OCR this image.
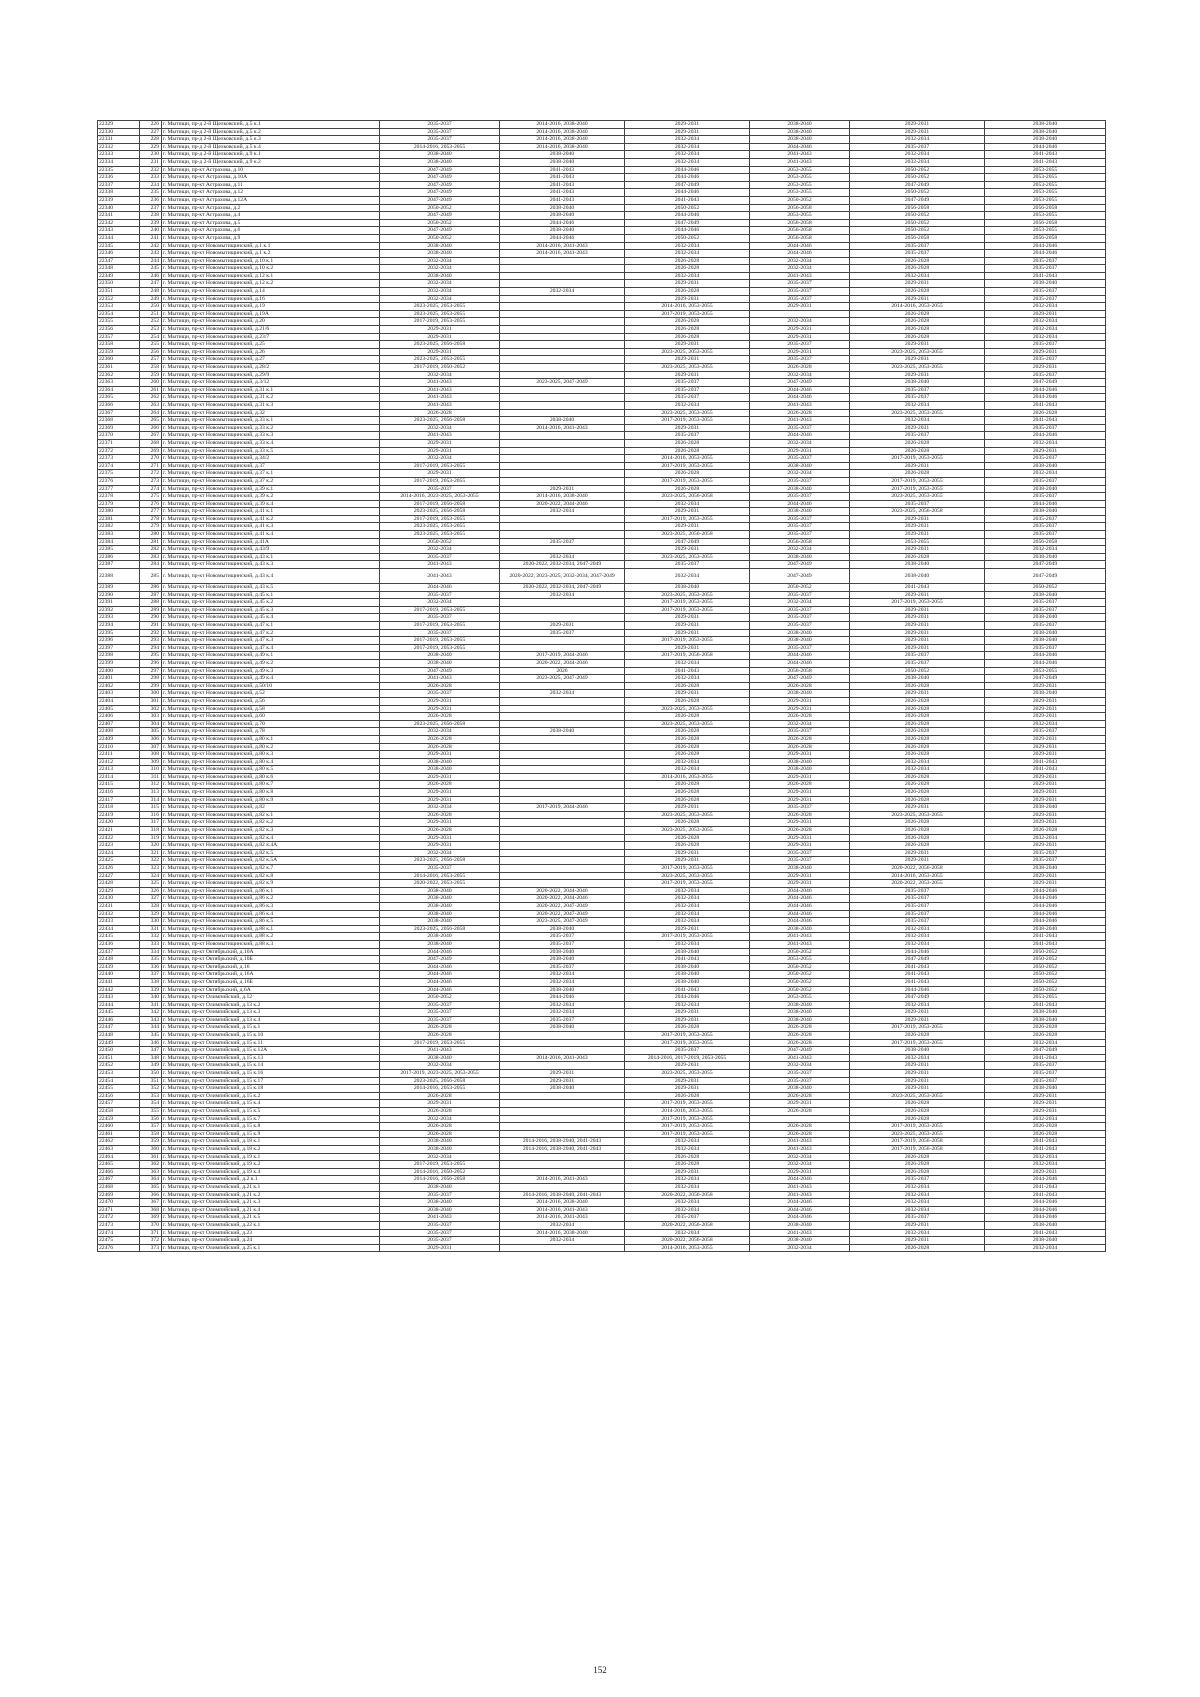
22329	226	г. Мытищи, пр-д 2-й Щелковский, д.5 к.1	2035-2037	2014-2016, 2038-2040	2029-2031	2038-2040	2029-2031	2038-2040
22330	227	г. Мытищи, пр-д 2-й Щелковский, д.5 к.2	2035-2037	2014-2016, 2038-2040	2029-2031	2038-2040	2029-2031	2038-2040
22331	228	г. Мытищи, пр-д 2-й Щелковский, д.5 к.3	2035-2037	2014-2016, 2038-2040	2032-2034	2038-2040	2032-2034	2038-2040
22332	229	г. Мытищи, пр-д 2-й Щелковский, д.5 к.4	2014-2016, 2053-2055	2014-2016, 2038-2040	2032-2034	2044-2046	2035-2037	2044-2046
22333	230	г. Мытищи, пр-д 2-й Щелковский, д.9 к.1	2038-2040	2038-2040	2032-2034	2041-2043	2032-2034	2041-2043
22334	231	г. Мытищи, пр-д 2-й Щелковский, д.9 к.2	2038-2040	2038-2040	2032-2034	2041-2043	2032-2034	2041-2043
22335	232	г. Мытищи, пр-кт Астрахова, д.10	2047-2049	2041-2043	2044-2046	2053-2055	2050-2052	2053-2055
22336	233	г. Мытищи, пр-кт Астрахова, д.10А	2047-2049	2041-2043	2044-2046	2053-2055	2050-2052	2053-2055
22337	234	г. Мытищи, пр-кт Астрахова, д.11	2047-2049	2041-2043	2047-2049	2053-2055	2047-2049	2053-2055
22338	235	г. Мытищи, пр-кт Астрахова, д.12	2047-2049	2041-2043	2044-2046	2053-2055	2050-2052	2053-2055
22339	236	г. Мытищи, пр-кт Астрахова, д.12А	2047-2049	2041-2043	2041-2043	2050-2052	2047-2049	2053-2055
22340	237	г. Мытищи, пр-кт Астрахова, д.2	2050-2052	2038-2040	2050-2052	2056-2058	2056-2058	2056-2058
22341	238	г. Мытищи, пр-кт Астрахова, д.4	2047-2049	2038-2040	2044-2046	2053-2055	2050-2052	2053-2055
22342	239	г. Мытищи, пр-кт Астрахова, д.5	2050-2052	2044-2046	2047-2049	2056-2058	2050-2052	2056-2058
22343	240	г. Мытищи, пр-кт Астрахова, д.6	2047-2049	2038-2040	2044-2046	2056-2058	2050-2052	2053-2055
22344	241	г. Мытищи, пр-кт Астрахова, д.9	2050-2052	2044-2046	2050-2052	2056-2058	2056-2058	2056-2058
22345	242	г. Мытищи, пр-кт Новомытищинский, д.1 к.1	2038-2040	2014-2016, 2041-2043	2032-2034	2044-2046	2035-2037	2044-2046
22346	243	г. Мытищи, пр-кт Новомытищинский, д.1 к.2	2038-2040	2014-2016, 2041-2043	2032-2034	2044-2046	2035-2037	2044-2046
22347	244	г. Мытищи, пр-кт Новомытищинский, д.10 к.1	2032-2034		2026-2028	2032-2034	2026-2028	2035-2037
22348	245	г. Мытищи, пр-кт Новомытищинский, д.10 к.2	2032-2034		2026-2028	2032-2034	2026-2028	2035-2037
22349	246	г. Мытищи, пр-кт Новомытищинский, д.12 к.1	2038-2040		2032-2034	2041-2043	2032-2034	2041-2043
22350	247	г. Мытищи, пр-кт Новомытищинский, д.12 к.2	2032-2034		2029-2031	2035-2037	2029-2031	2038-2040
22351	248	г. Мытищи, пр-кт Новомытищинский, д.14	2032-2034	2032-2034	2026-2028	2035-2037	2026-2028	2035-2037
22352	249	г. Мытищи, пр-кт Новомытищинский, д.16	2032-2034		2029-2031	2035-2037	2029-2031	2035-2037
22353	250	г. Мытищи, пр-кт Новомытищинский, д.19	2023-2025, 2053-2055		2014-2016, 2053-2055	2029-2031	2014-2016, 2053-2055	2032-2034
22354	251	г. Мытищи, пр-кт Новомытищинский, д.19А	2023-2025, 2053-2055		2017-2019, 2053-2055		2026-2028	2029-2031
22355	252	г. Мытищи, пр-кт Новомытищинский, д.20	2017-2019, 2053-2055		2026-2028	2032-2034	2026-2028	2032-2034
22356	253	г. Мытищи, пр-кт Новомытищинский, д.21/6	2029-2031		2026-2028	2029-2031	2026-2028	2032-2034
22357	254	г. Мытищи, пр-кт Новомытищинский, д.23/7	2029-2031		2026-2028	2029-2031	2026-2028	2032-2034
22358	255	г. Мытищи, пр-кт Новомытищинский, д.25	2023-2025, 2056-2058		2029-2031	2035-2037	2029-2031	2035-2037
22359	256	г. Мытищи, пр-кт Новомытищинский, д.26	2029-2031		2023-2025, 2053-2055	2029-2031	2023-2025, 2053-2055	2029-2031
22360	257	г. Мытищи, пр-кт Новомытищинский, д.27	2023-2025, 2053-2055		2029-2031	2035-2037	2029-2031	2035-2037
22361	258	г. Мытищи, пр-кт Новомытищинский, д.28/2	2017-2019, 2050-2052		2023-2025, 2053-2055	2026-2028	2023-2025, 2053-2055	2029-2031
22362	259	г. Мытищи, пр-кт Новомытищинский, д.29/9	2032-2034		2029-2031	2032-2034	2029-2031	2035-2037
22363	260	г. Мытищи, пр-кт Новомытищинский, д.3/12	2041-2043	2023-2025, 2047-2049	2035-2037	2047-2049	2038-2040	2047-2049
22364	261	г. Мытищи, пр-кт Новомытищинский, д.31 к.1	2041-2043		2035-2037	2044-2046	2035-2037	2044-2046
22365	262	г. Мытищи, пр-кт Новомытищинский, д.31 к.2	2041-2043		2035-2037	2044-2046	2035-2037	2044-2046
22366	263	г. Мытищи, пр-кт Новомытищинский, д.31 к.3	2041-2043		2032-2034	2041-2043	2032-2034	2041-2043
22367	264	г. Мытищи, пр-кт Новомытищинский, д.32	2026-2028		2023-2025, 2053-2055	2026-2028	2023-2025, 2053-2055	2026-2028
22368	265	г. Мытищи, пр-кт Новомытищинский, д.33 к.1	2023-2025, 2056-2058	2038-2040	2017-2019, 2053-2055	2041-2043	2032-2034	2041-2043
22369	266	г. Мытищи, пр-кт Новомытищинский, д.33 к.2	2032-2034	2014-2016, 2041-2043	2029-2031	2035-2037	2029-2031	2035-2037
22370	267	г. Мытищи, пр-кт Новомытищинский, д.33 к.3	2041-2043		2035-2037	2044-2046	2035-2037	2044-2046
22371	268	г. Мытищи, пр-кт Новомытищинский, д.33 к.4	2029-2031		2026-2028	2032-2034	2026-2028	2032-2034
22372	269	г. Мытищи, пр-кт Новомытищинский, д.33 к.5	2029-2031		2026-2028	2029-2031	2026-2028	2029-2031
22373	270	г. Мытищи, пр-кт Новомытищинский, д.34/2	2032-2034		2014-2016, 2053-2055	2035-2037	2017-2019, 2053-2055	2035-2037
22374	271	г. Мытищи, пр-кт Новомытищинский, д.37	2017-2019, 2053-2055		2017-2019, 2053-2055	2038-2040	2029-2031	2038-2040
22375	272	г. Мытищи, пр-кт Новомытищинский, д.37 к.1	2029-2031		2026-2028	2032-2034	2026-2028	2032-2034
22376	273	г. Мытищи, пр-кт Новомытищинский, д.37 к.2	2017-2019, 2053-2055		2017-2019, 2053-2055	2035-2037	2017-2019, 2053-2055	2035-2037
22377	274	г. Мытищи, пр-кт Новомытищинский, д.39 к.1	2035-2037	2029-2031	2026-2028	2038-2040	2017-2019, 2053-2055	2038-2040
22378	275	г. Мытищи, пр-кт Новомытищинский, д.39 к.2	2014-2016, 2023-2025, 2053-2055	2014-2016, 2038-2040	2023-2025, 2056-2058	2035-2037	2023-2025, 2053-2055	2035-2037
22379	276	г. Мытищи, пр-кт Новомытищинский, д.39 к.4	2017-2019, 2056-2058	2020-2022, 2044-2046	2032-2034	2044-2046	2035-2037	2044-2046
22380	277	г. Мытищи, пр-кт Новомытищинский, д.41 к.1	2023-2025, 2056-2058	2032-2034	2029-2031	2038-2040	2023-2025, 2056-2058	2038-2040
22381	278	г. Мытищи, пр-кт Новомытищинский, д.41 к.2	2017-2019, 2053-2055		2017-2019, 2053-2055	2035-2037	2029-2031	2035-2037
22382	279	г. Мытищи, пр-кт Новомытищинский, д.41 к.3	2023-2025, 2053-2055		2029-2031	2035-2037	2029-2031	2035-2037
22383	280	г. Мытищи, пр-кт Новомытищинский, д.41 к.4	2023-2025, 2053-2055		2023-2025, 2056-2058	2035-2037	2029-2031	2035-2037
22384	281	г. Мытищи, пр-кт Новомытищинский, д.41А	2050-2052	2035-2037	2047-2049	2056-2058	2053-2055	2056-2058
22385	282	г. Мытищи, пр-кт Новомытищинский, д.43/9	2032-2034		2029-2031	2032-2034	2029-2031	2032-2034
22386	283	г. Мытищи, пр-кт Новомытищинский, д.43 к.1	2035-2037	2032-2034	2023-2025, 2053-2055	2038-2040	2026-2028	2038-2040
22387	284	г. Мытищи, пр-кт Новомытищинский, д.43 к.3	2041-2043	2020-2022, 2032-2034, 2047-2049	2035-2037	2047-2049	2038-2040	2047-2049
22388	285	г. Мытищи, пр-кт Новомытищинский, д.43 к.4	2041-2043	2020-2022, 2023-2025, 2032-2034, 2047-2049	2032-2034	2047-2049	2038-2040	2047-2049
22389	286	г. Мытищи, пр-кт Новомытищинский, д.43 к.5	2044-2046	2020-2022, 2032-2034, 2047-2049	2038-2040	2050-2052	2041-2043	2050-2052
22390	287	г. Мытищи, пр-кт Новомытищинский, д.45 к.1	2035-2037	2032-2034	2023-2025, 2053-2055	2035-2037	2029-2031	2038-2040
22391	288	г. Мытищи, пр-кт Новомытищинский, д.45 к.2	2032-2034		2017-2019, 2053-2055	2032-2034	2017-2019, 2053-2055	2035-2037
22392	289	г. Мытищи, пр-кт Новомытищинский, д.45 к.3	2017-2019, 2053-2055		2017-2019, 2053-2055	2035-2037	2029-2031	2035-2037
22393	290	г. Мытищи, пр-кт Новомытищинский, д.45 к.4	2035-2037		2029-2031	2035-2037	2029-2031	2038-2040
22394	291	г. Мытищи, пр-кт Новомытищинский, д.47 к.1	2017-2019, 2053-2055	2029-2031	2029-2031	2035-2037	2029-2031	2035-2037
22395	292	г. Мытищи, пр-кт Новомытищинский, д.47 к.2	2035-2037	2035-2037	2029-2031	2038-2040	2029-2031	2038-2040
22396	293	г. Мытищи, пр-кт Новомытищинский, д.47 к.3	2017-2019, 2053-2055		2017-2019, 2053-2055	2038-2040	2029-2031	2038-2040
22397	294	г. Мытищи, пр-кт Новомытищинский, д.47 к.4	2017-2019, 2053-2055		2029-2031	2035-2037	2029-2031	2035-2037
22398	295	г. Мытищи, пр-кт Новомытищинский, д.49 к.1	2038-2040	2017-2019, 2044-2046	2017-2019, 2056-2058	2044-2046	2035-2037	2044-2046
22399	296	г. Мытищи, пр-кт Новомытищинский, д.49 к.2	2038-2040	2020-2022, 2044-2046	2032-2034	2044-2046	2035-2037	2044-2046
22400	297	г. Мытищи, пр-кт Новомытищинский, д.49 к.3	2047-2049	2026	2041-2043	2056-2058	2050-2052	2053-2055
22401	298	г. Мытищи, пр-кт Новомытищинский, д.49 к.4	2041-2043	2023-2025, 2047-2049	2032-2034	2047-2049	2038-2040	2047-2049
22402	299	г. Мытищи, пр-кт Новомытищинский, д.50/10	2026-2028		2026-2028	2026-2028	2026-2028	2029-2031
22403	300	г. Мытищи, пр-кт Новомытищинский, д.52	2035-2037	2032-2034	2029-2031	2038-2040	2029-2031	2038-2040
22404	301	г. Мытищи, пр-кт Новомытищинский, д.56	2029-2031		2026-2028	2029-2031	2026-2028	2029-2031
22405	302	г. Мытищи, пр-кт Новомытищинский, д.58	2029-2031		2023-2025, 2053-2055	2029-2031	2026-2028	2029-2031
22406	303	г. Мытищи, пр-кт Новомытищинский, д.60	2026-2028		2026-2028	2026-2028	2026-2028	2029-2031
22407	304	г. Мытищи, пр-кт Новомытищинский, д.70	2023-2025, 2056-2058		2023-2025, 2053-2055	2032-2034	2026-2028	2032-2034
22408	305	г. Мытищи, пр-кт Новомытищинский, д.78	2032-2034	2038-2040	2026-2028	2035-2037	2026-2028	2035-2037
22409	306	г. Мытищи, пр-кт Новомытищинский, д.80 к.1	2026-2028		2026-2028	2026-2028	2026-2028	2029-2031
22410	307	г. Мытищи, пр-кт Новомытищинский, д.80 к.2	2026-2028		2026-2028	2026-2028	2026-2028	2029-2031
22411	308	г. Мытищи, пр-кт Новомытищинский, д.80 к.3	2029-2031		2026-2028	2029-2031	2026-2028	2029-2031
22412	309	г. Мытищи, пр-кт Новомытищинский, д.80 к.4	2038-2040		2032-2034	2038-2040	2032-2034	2041-2043
22413	310	г. Мытищи, пр-кт Новомытищинский, д.80 к.5	2038-2040		2032-2034	2038-2040	2032-2034	2041-2043
22414	311	г. Мытищи, пр-кт Новомытищинский, д.80 к.6	2029-2031		2014-2016, 2053-2055	2029-2031	2026-2028	2029-2031
22415	312	г. Мытищи, пр-кт Новомытищинский, д.80 к.7	2026-2028		2026-2028	2026-2028	2026-2028	2029-2031
22416	313	г. Мытищи, пр-кт Новомытищинский, д.80 к.8	2029-2031		2026-2028	2029-2031	2026-2028	2029-2031
22417	314	г. Мытищи, пр-кт Новомытищинский, д.80 к.9	2029-2031		2026-2028	2029-2031	2026-2028	2029-2031
22418	315	г. Мытищи, пр-кт Новомытищинский, д.82	2032-2034	2017-2019, 2044-2046	2029-2031	2035-2037	2029-2031	2038-2040
22419	316	г. Мытищи, пр-кт Новомытищинский, д.82 к.1	2026-2028		2023-2025, 2053-2055	2026-2028	2023-2025, 2053-2055	2029-2031
22420	317	г. Мытищи, пр-кт Новомытищинский, д.82 к.2	2029-2031		2026-2028	2029-2031	2026-2028	2029-2031
22421	318	г. Мытищи, пр-кт Новомытищинский, д.82 к.3	2026-2028		2023-2025, 2053-2055	2026-2028	2026-2028	2026-2028
22422	319	г. Мытищи, пр-кт Новомытищинский, д.82 к.4	2029-2031		2026-2028	2029-2031	2026-2028	2032-2034
22423	320	г. Мытищи, пр-кт Новомытищинский, д.82 к.4А	2029-2031		2026-2028	2029-2031	2026-2028	2029-2031
22424	321	г. Мытищи, пр-кт Новомытищинский, д.82 к.5	2032-2034		2029-2031	2035-2037	2029-2031	2035-2037
22425	322	г. Мытищи, пр-кт Новомытищинский, д.82 к.5А	2023-2025, 2056-2058		2029-2031	2035-2037	2029-2031	2035-2037
22426	323	г. Мытищи, пр-кт Новомытищинский, д.82 к.7	2035-2037		2017-2019, 2053-2055	2038-2040	2020-2022, 2056-2058	2038-2040
22427	324	г. Мытищи, пр-кт Новомытищинский, д.82 к.8	2014-2016, 2053-2055		2023-2025, 2053-2055	2029-2031	2014-2016, 2053-2055	2029-2031
22428	325	г. Мытищи, пр-кт Новомытищинский, д.82 к.9	2020-2022, 2053-2055		2017-2019, 2053-2055	2029-2031	2020-2022, 2053-2055	2029-2031
22429	326	г. Мытищи, пр-кт Новомытищинский, д.86 к.1	2038-2040	2020-2022, 2044-2046	2032-2034	2044-2046	2035-2037	2044-2046
22430	327	г. Мытищи, пр-кт Новомытищинский, д.86 к.2	2038-2040	2020-2022, 2044-2046	2032-2034	2044-2046	2035-2037	2044-2046
22431	328	г. Мытищи, пр-кт Новомытищинский, д.86 к.3	2038-2040	2020-2022, 2047-2049	2032-2034	2044-2046	2035-2037	2044-2046
22432	329	г. Мытищи, пр-кт Новомытищинский, д.86 к.4	2038-2040	2020-2022, 2047-2049	2032-2034	2044-2046	2035-2037	2044-2046
22433	330	г. Мытищи, пр-кт Новомытищинский, д.86 к.5	2038-2040	2023-2025, 2047-2049	2032-2034	2044-2046	2035-2037	2044-2046
22434	331	г. Мытищи, пр-кт Новомытищинский, д.88 к.1	2023-2025, 2056-2058	2038-2040	2029-2031	2038-2040	2032-2034	2038-2040
22435	332	г. Мытищи, пр-кт Новомытищинский, д.88 к.2	2038-2040	2035-2037	2017-2019, 2053-2055	2041-2043	2032-2034	2041-2043
22436	333	г. Мытищи, пр-кт Новомытищинский, д.88 к.3	2038-2040	2035-2037	2032-2034	2041-2043	2032-2034	2041-2043
22437	334	г. Мытищи, пр-кт Октябрьский, д.10А	2044-2046	2038-2040	2038-2040	2050-2052	2044-2046	2050-2052
22438	335	г. Мытищи, пр-кт Октябрьский, д.10Б	2047-2049	2038-2040	2041-2043	2053-2055	2047-2049	2050-2052
22439	336	г. Мытищи, пр-кт Октябрьский, д.16	2044-2046	2035-2037	2038-2040	2050-2052	2041-2043	2050-2052
22440	337	г. Мытищи, пр-кт Октябрьский, д.16А	2044-2046	2032-2034	2038-2040	2050-2052	2041-2043	2050-2052
22441	338	г. Мытищи, пр-кт Октябрьский, д.16Б	2044-2046	2032-2034	2038-2040	2050-2052	2041-2043	2050-2052
22442	339	г. Мытищи, пр-кт Октябрьский, д.6А	2044-2046	2038-2040	2041-2043	2050-2052	2044-2046	2050-2052
22443	340	г. Мытищи, пр-кт Олимпийский, д.12	2050-2052	2044-2046	2044-2046	2053-2055	2047-2049	2053-2055
22444	341	г. Мытищи, пр-кт Олимпийский, д.13 к.2	2035-2037	2032-2034	2032-2034	2038-2040	2032-2034	2041-2043
22445	342	г. Мытищи, пр-кт Олимпийский, д.13 к.3	2035-2037	2032-2034	2029-2031	2038-2040	2029-2031	2038-2040
22446	343	г. Мытищи, пр-кт Олимпийский, д.13 к.4	2035-2037	2035-2037	2029-2031	2038-2040	2029-2031	2038-2040
22447	344	г. Мытищи, пр-кт Олимпийский, д.15 к.1	2026-2028	2038-2040	2026-2028	2026-2028	2017-2019, 2053-2055	2026-2028
22448	345	г. Мытищи, пр-кт Олимпийский, д.15 к.10	2026-2028		2017-2019, 2053-2055	2026-2028	2026-2028	2026-2028
22449	346	г. Мытищи, пр-кт Олимпийский, д.15 к.11	2017-2019, 2053-2055		2017-2019, 2053-2055	2026-2028	2017-2019, 2053-2055	2032-2034
22450	347	г. Мытищи, пр-кт Олимпийский, д.15 к.12А	2041-2043		2035-2037	2047-2049	2038-2040	2047-2049
22451	348	г. Мытищи, пр-кт Олимпийский, д.15 к.13	2038-2040	2014-2016, 2041-2043	2014-2016, 2017-2019, 2053-2055	2041-2043	2032-2034	2041-2043
22452	349	г. Мытищи, пр-кт Олимпийский, д.15 к.14	2032-2034		2029-2031	2032-2034	2029-2031	2035-2037
22453	350	г. Мытищи, пр-кт Олимпийский, д.15 к.16	2017-2019, 2023-2025, 2053-2055	2029-2031	2023-2025, 2053-2055	2035-2037	2029-2031	2035-2037
22454	351	г. Мытищи, пр-кт Олимпийский, д.15 к.17	2023-2025, 2056-2058	2029-2031	2029-2031	2035-2037	2029-2031	2035-2037
22455	352	г. Мытищи, пр-кт Олимпийский, д.15 к.18	2014-2016, 2053-2055	2038-2040	2029-2031	2038-2040	2029-2031	2038-2040
22456	353	г. Мытищи, пр-кт Олимпийский, д.15 к.2	2026-2028		2026-2028	2026-2028	2023-2025, 2053-2055	2029-2031
22457	354	г. Мытищи, пр-кт Олимпийский, д.15 к.4	2029-2031		2017-2019, 2053-2055	2029-2031	2026-2028	2029-2031
22458	355	г. Мытищи, пр-кт Олимпийский, д.15 к.5	2026-2028		2014-2016, 2053-2055	2026-2028	2026-2028	2029-2031
22459	356	г. Мытищи, пр-кт Олимпийский, д.15 к.7	2032-2034		2017-2019, 2053-2055		2026-2028	2032-2034
22460	357	г. Мытищи, пр-кт Олимпийский, д.15 к.8	2026-2028		2017-2019, 2053-2055	2026-2028	2017-2019, 2053-2055	2026-2028
22461	358	г. Мытищи, пр-кт Олимпийский, д.15 к.9	2026-2028		2017-2019, 2053-2055	2026-2028	2023-2025, 2053-2055	2026-2028
22462	359	г. Мытищи, пр-кт Олимпийский, д.18 к.1	2038-2040	2014-2016, 2038-2040, 2041-2043	2032-2034	2041-2043	2017-2019, 2056-2058	2041-2043
22463	360	г. Мытищи, пр-кт Олимпийский, д.18 к.2	2038-2040	2014-2016, 2038-2040, 2041-2043	2032-2034	2041-2043	2017-2019, 2056-2058	2041-2043
22464	361	г. Мытищи, пр-кт Олимпийский, д.19 к.1	2032-2034		2026-2028	2032-2034	2026-2028	2032-2034
22465	362	г. Мытищи, пр-кт Олимпийский, д.19 к.2	2017-2019, 2053-2055		2026-2028	2032-2034	2026-2028	2032-2034
22466	363	г. Мытищи, пр-кт Олимпийский, д.19 к.4	2014-2016, 2050-2052		2029-2031	2029-2031	2026-2028	2029-2031
22467	364	г. Мытищи, пр-кт Олимпийский, д.2 к.1	2014-2016, 2056-2058	2014-2016, 2041-2043	2032-2034	2044-2046	2035-2037	2044-2046
22468	365	г. Мытищи, пр-кт Олимпийский, д.21 к.1	2038-2040		2032-2034	2041-2043	2032-2034	2041-2043
22469	366	г. Мытищи, пр-кт Олимпийский, д.21 к.2	2035-2037	2014-2016, 2038-2040, 2041-2043	2020-2022, 2056-2058	2041-2043	2032-2034	2041-2043
22470	367	г. Мытищи, пр-кт Олимпийский, д.21 к.3	2038-2040	2014-2016, 2038-2040	2032-2034	2044-2046	2032-2034	2044-2046
22471	368	г. Мытищи, пр-кт Олимпийский, д.21 к.4	2038-2040	2014-2016, 2041-2043	2032-2034	2044-2046	2032-2034	2044-2046
22472	369	г. Мытищи, пр-кт Олимпийский, д.21 к.5	2041-2043	2014-2016, 2041-2043	2035-2037	2044-2046	2035-2037	2044-2046
22473	370	г. Мытищи, пр-кт Олимпийский, д.22 к.1	2035-2037	2032-2034	2020-2022, 2056-2058	2038-2040	2029-2031	2038-2040
22474	371	г. Мытищи, пр-кт Олимпийский, д.23	2035-2037	2014-2016, 2038-2040	2032-2034	2041-2043	2032-2034	2041-2043
22475	372	г. Мытищи, пр-кт Олимпийский, д.24	2035-2037	2032-2034	2020-2022, 2056-2058	2038-2040	2029-2031	2038-2040
22476	373	г. Мытищи, пр-кт Олимпийский, д.25 к.1	2029-2031		2014-2016, 2053-2055	2032-2034	2026-2028	2032-2034
152
